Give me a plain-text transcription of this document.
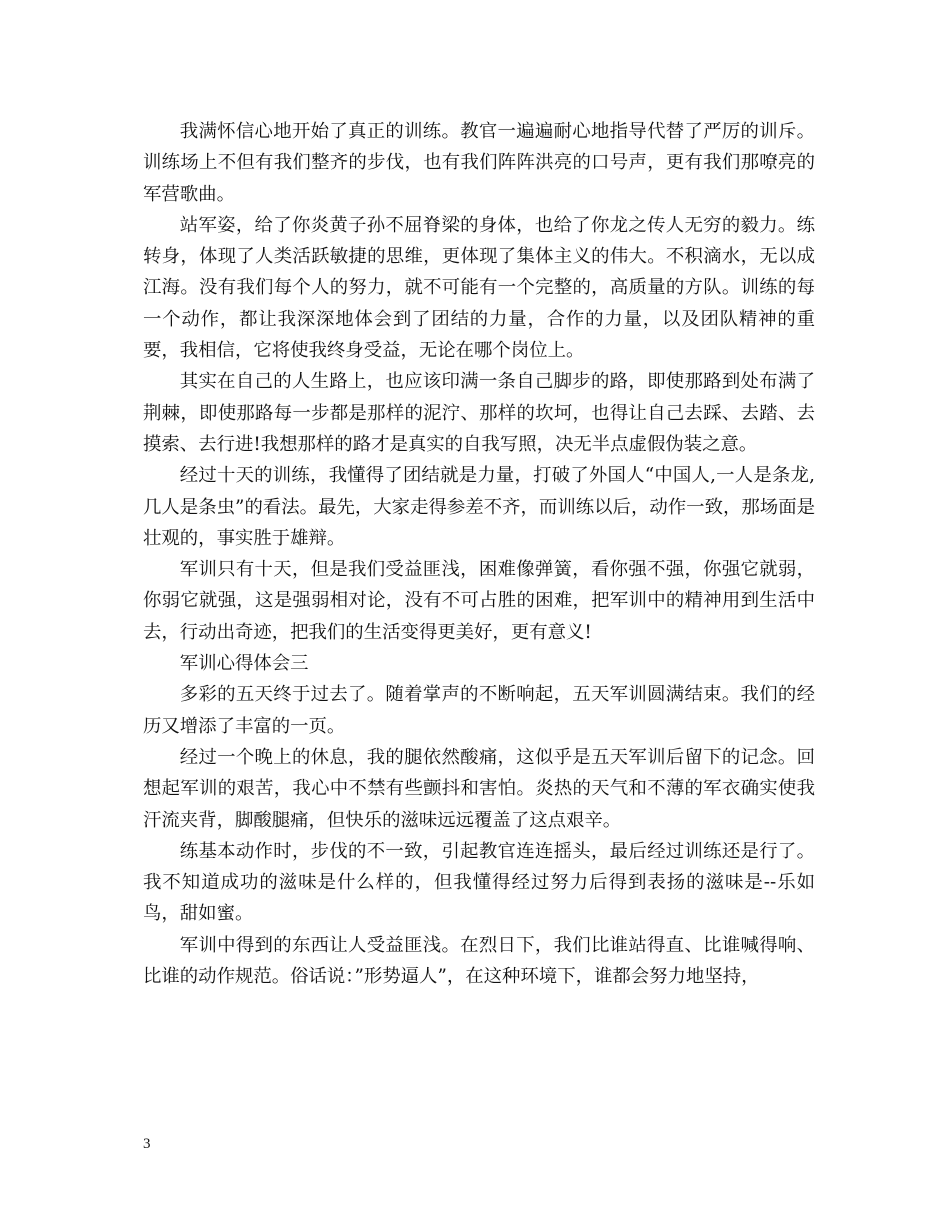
我满怀信心地开始了真正的训练。教官一遍遍耐心地指导代替了严厉的训斥。训练场上不但有我们整齐的步伐，也有我们阵阵洪亮的口号声，更有我们那嘹亮的军营歌曲。

站军姿，给了你炎黄子孙不屈脊梁的身体，也给了你龙之传人无穷的毅力。练转身，体现了人类活跃敏捷的思维，更体现了集体主义的伟大。不积滴水，无以成江海。没有我们每个人的努力，就不可能有一个完整的，高质量的方队。训练的每一个动作，都让我深深地体会到了团结的力量，合作的力量，以及团队精神的重要，我相信，它将使我终身受益，无论在哪个岗位上。

其实在自己的人生路上，也应该印满一条自己脚步的路，即使那路到处布满了荆棘，即使那路每一步都是那样的泥泞、那样的坎坷，也得让自己去踩、去踏、去摸索、去行进!我想那样的路才是真实的自我写照，决无半点虚假伪装之意。

经过十天的训练，我懂得了团结就是力量，打破了外国人“中国人,一人是条龙,几人是条虫”的看法。最先，大家走得参差不齐，而训练以后，动作一致，那场面是壮观的，事实胜于雄辩。

军训只有十天，但是我们受益匪浅，困难像弹簧，看你强不强，你强它就弱，你弱它就强，这是强弱相对论，没有不可占胜的困难，把军训中的精神用到生活中去，行动出奇迹，把我们的生活变得更美好，更有意义!

军训心得体会三

多彩的五天终于过去了。随着掌声的不断响起，五天军训圆满结束。我们的经历又增添了丰富的一页。

经过一个晚上的休息，我的腿依然酸痛，这似乎是五天军训后留下的记念。回想起军训的艰苦，我心中不禁有些颤抖和害怕。炎热的天气和不薄的军衣确实使我汗流夹背，脚酸腿痛，但快乐的滋味远远覆盖了这点艰辛。

练基本动作时，步伐的不一致，引起教官连连摇头，最后经过训练还是行了。我不知道成功的滋味是什么样的，但我懂得经过努力后得到表扬的滋味是--乐如鸟，甜如蜜。

军训中得到的东西让人受益匪浅。在烈日下，我们比谁站得直、比谁喊得响、比谁的动作规范。俗话说：”形势逼人”，在这种环境下，谁都会努力地坚持，

3
